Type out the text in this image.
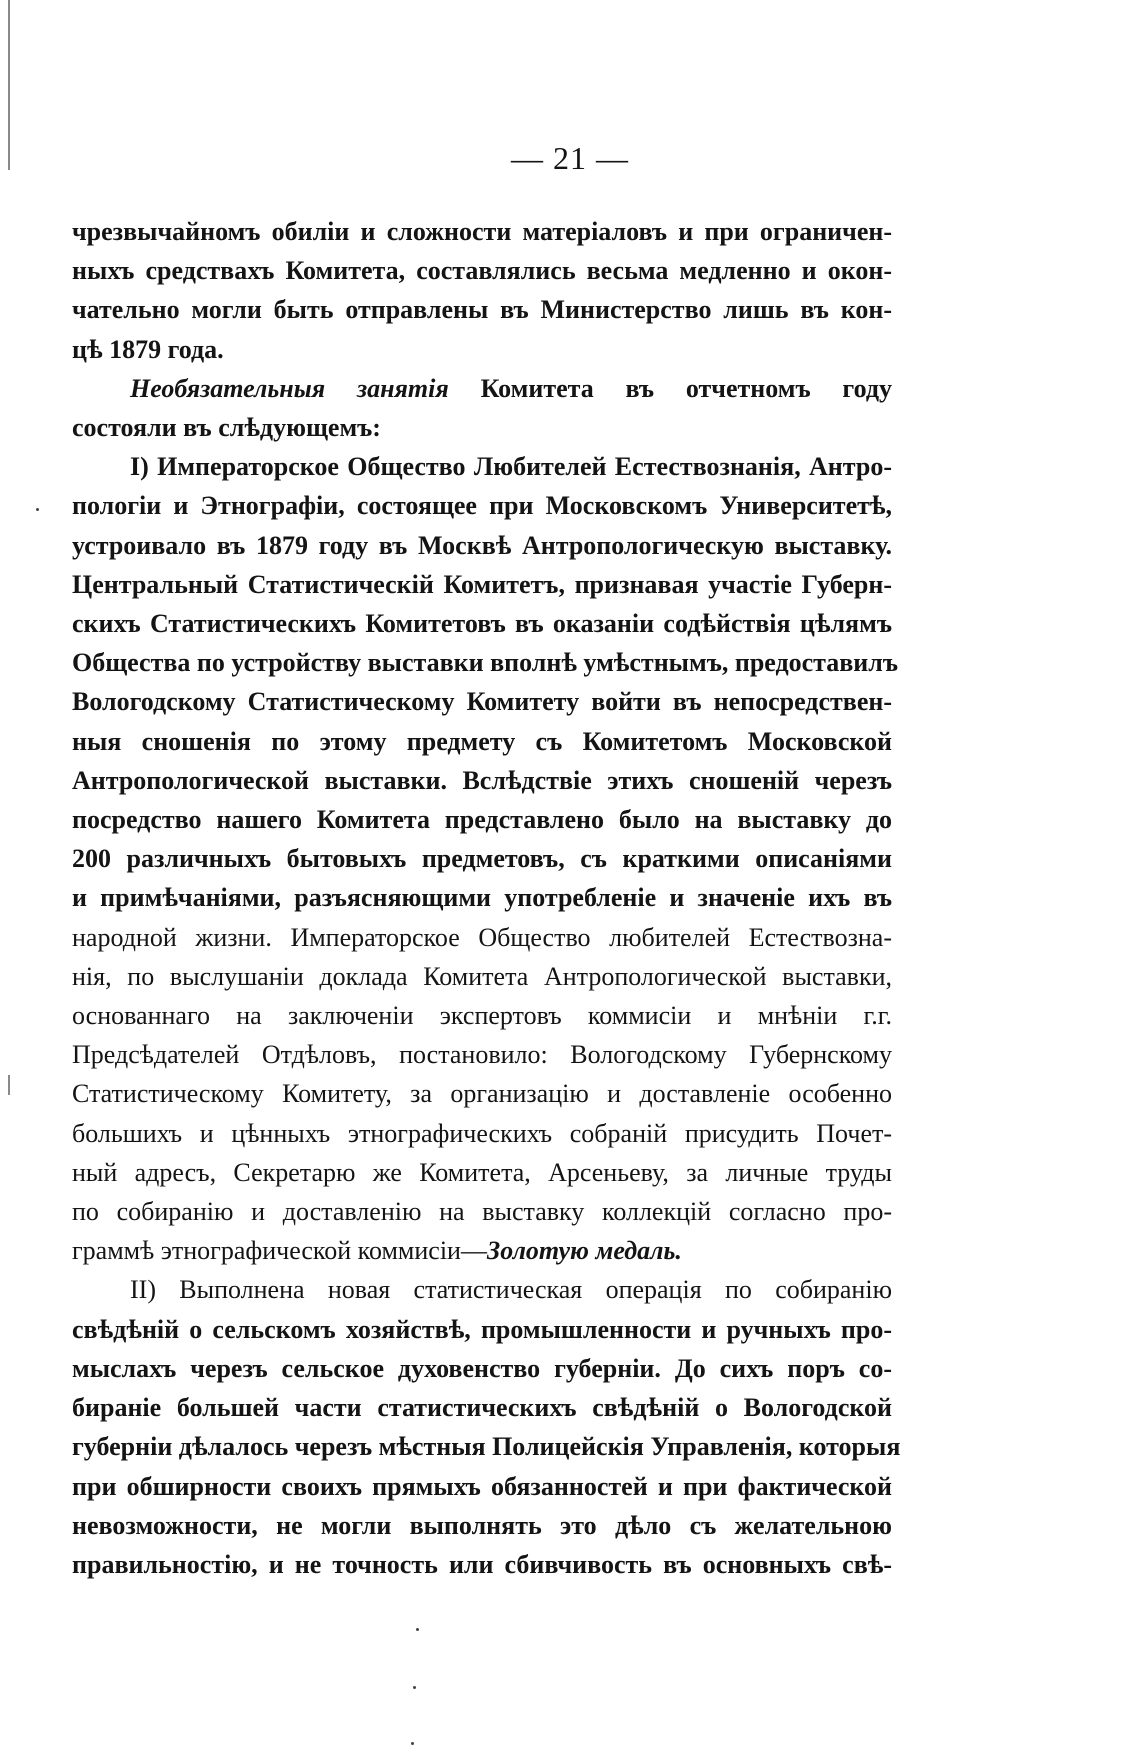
— 21 —

чрезвычайномъ обиліи и сложности матеріаловъ и при ограничен-
ныхъ средствахъ Комитета, составлялись весьма медленно и окон-
чательно могли быть отправлены въ Министерство лишь въ кон-
цѣ 1879 года.

Необязательныя занятія Комитета въ отчетномъ году
состояли въ слѣдующемъ:

I) Императорское Общество Любителей Естествознанія, Антро-
пологіи и Этнографіи, состоящее при Московскомъ Университетѣ,
устроивало въ 1879 году въ Москвѣ Антропологическую выставку.
Центральный Статистическій Комитетъ, признавая участіе Губерн-
скихъ Статистическихъ Комитетовъ въ оказаніи содѣйствія цѣлямъ
Общества по устройству выставки вполнѣ умѣстнымъ, предоставилъ
Вологодскому Статистическому Комитету войти въ непосредствен-
ныя сношенія по этому предмету съ Комитетомъ Московской
Антропологической выставки. Вслѣдствіе этихъ сношеній черезъ
посредство нашего Комитета представлено было на выставку до
200 различныхъ бытовыхъ предметовъ, съ краткими описаніями
и примѣчаніями, разъясняющими употребленіе и значеніе ихъ въ
народной жизни. Императорское Общество любителей Естествозна-
нія, по выслушаніи доклада Комитета Антропологической выставки,
основаннаго на заключеніи экспертовъ коммисіи и мнѣніи г.г.
Предсѣдателей Отдѣловъ, постановило: Вологодскому Губернскому
Статистическому Комитету, за организацію и доставленіе особенно
большихъ и цѣнныхъ этнографическихъ собраній присудить Почет-
ный адресъ, Секретарю же Комитета, Арсеньеву, за личные труды
по собиранію и доставленію на выставку коллекцій согласно про-
граммѣ этнографической коммисіи—Золотую медаль.

II) Выполнена новая статистическая операція по собиранію
свѣдѣній о сельскомъ хозяйствѣ, промышленности и ручныхъ про-
мыслахъ черезъ сельское духовенство губерніи. До сихъ поръ со-
бираніе большей части статистическихъ свѣдѣній о Вологодской
губерніи дѣлалось черезъ мѣстныя Полицейскія Управленія, которыя
при обширности своихъ прямыхъ обязанностей и при фактической
невозможности, не могли выполнять это дѣло съ желательною
правильностію, и не точность или сбивчивость въ основныхъ свѣ-
